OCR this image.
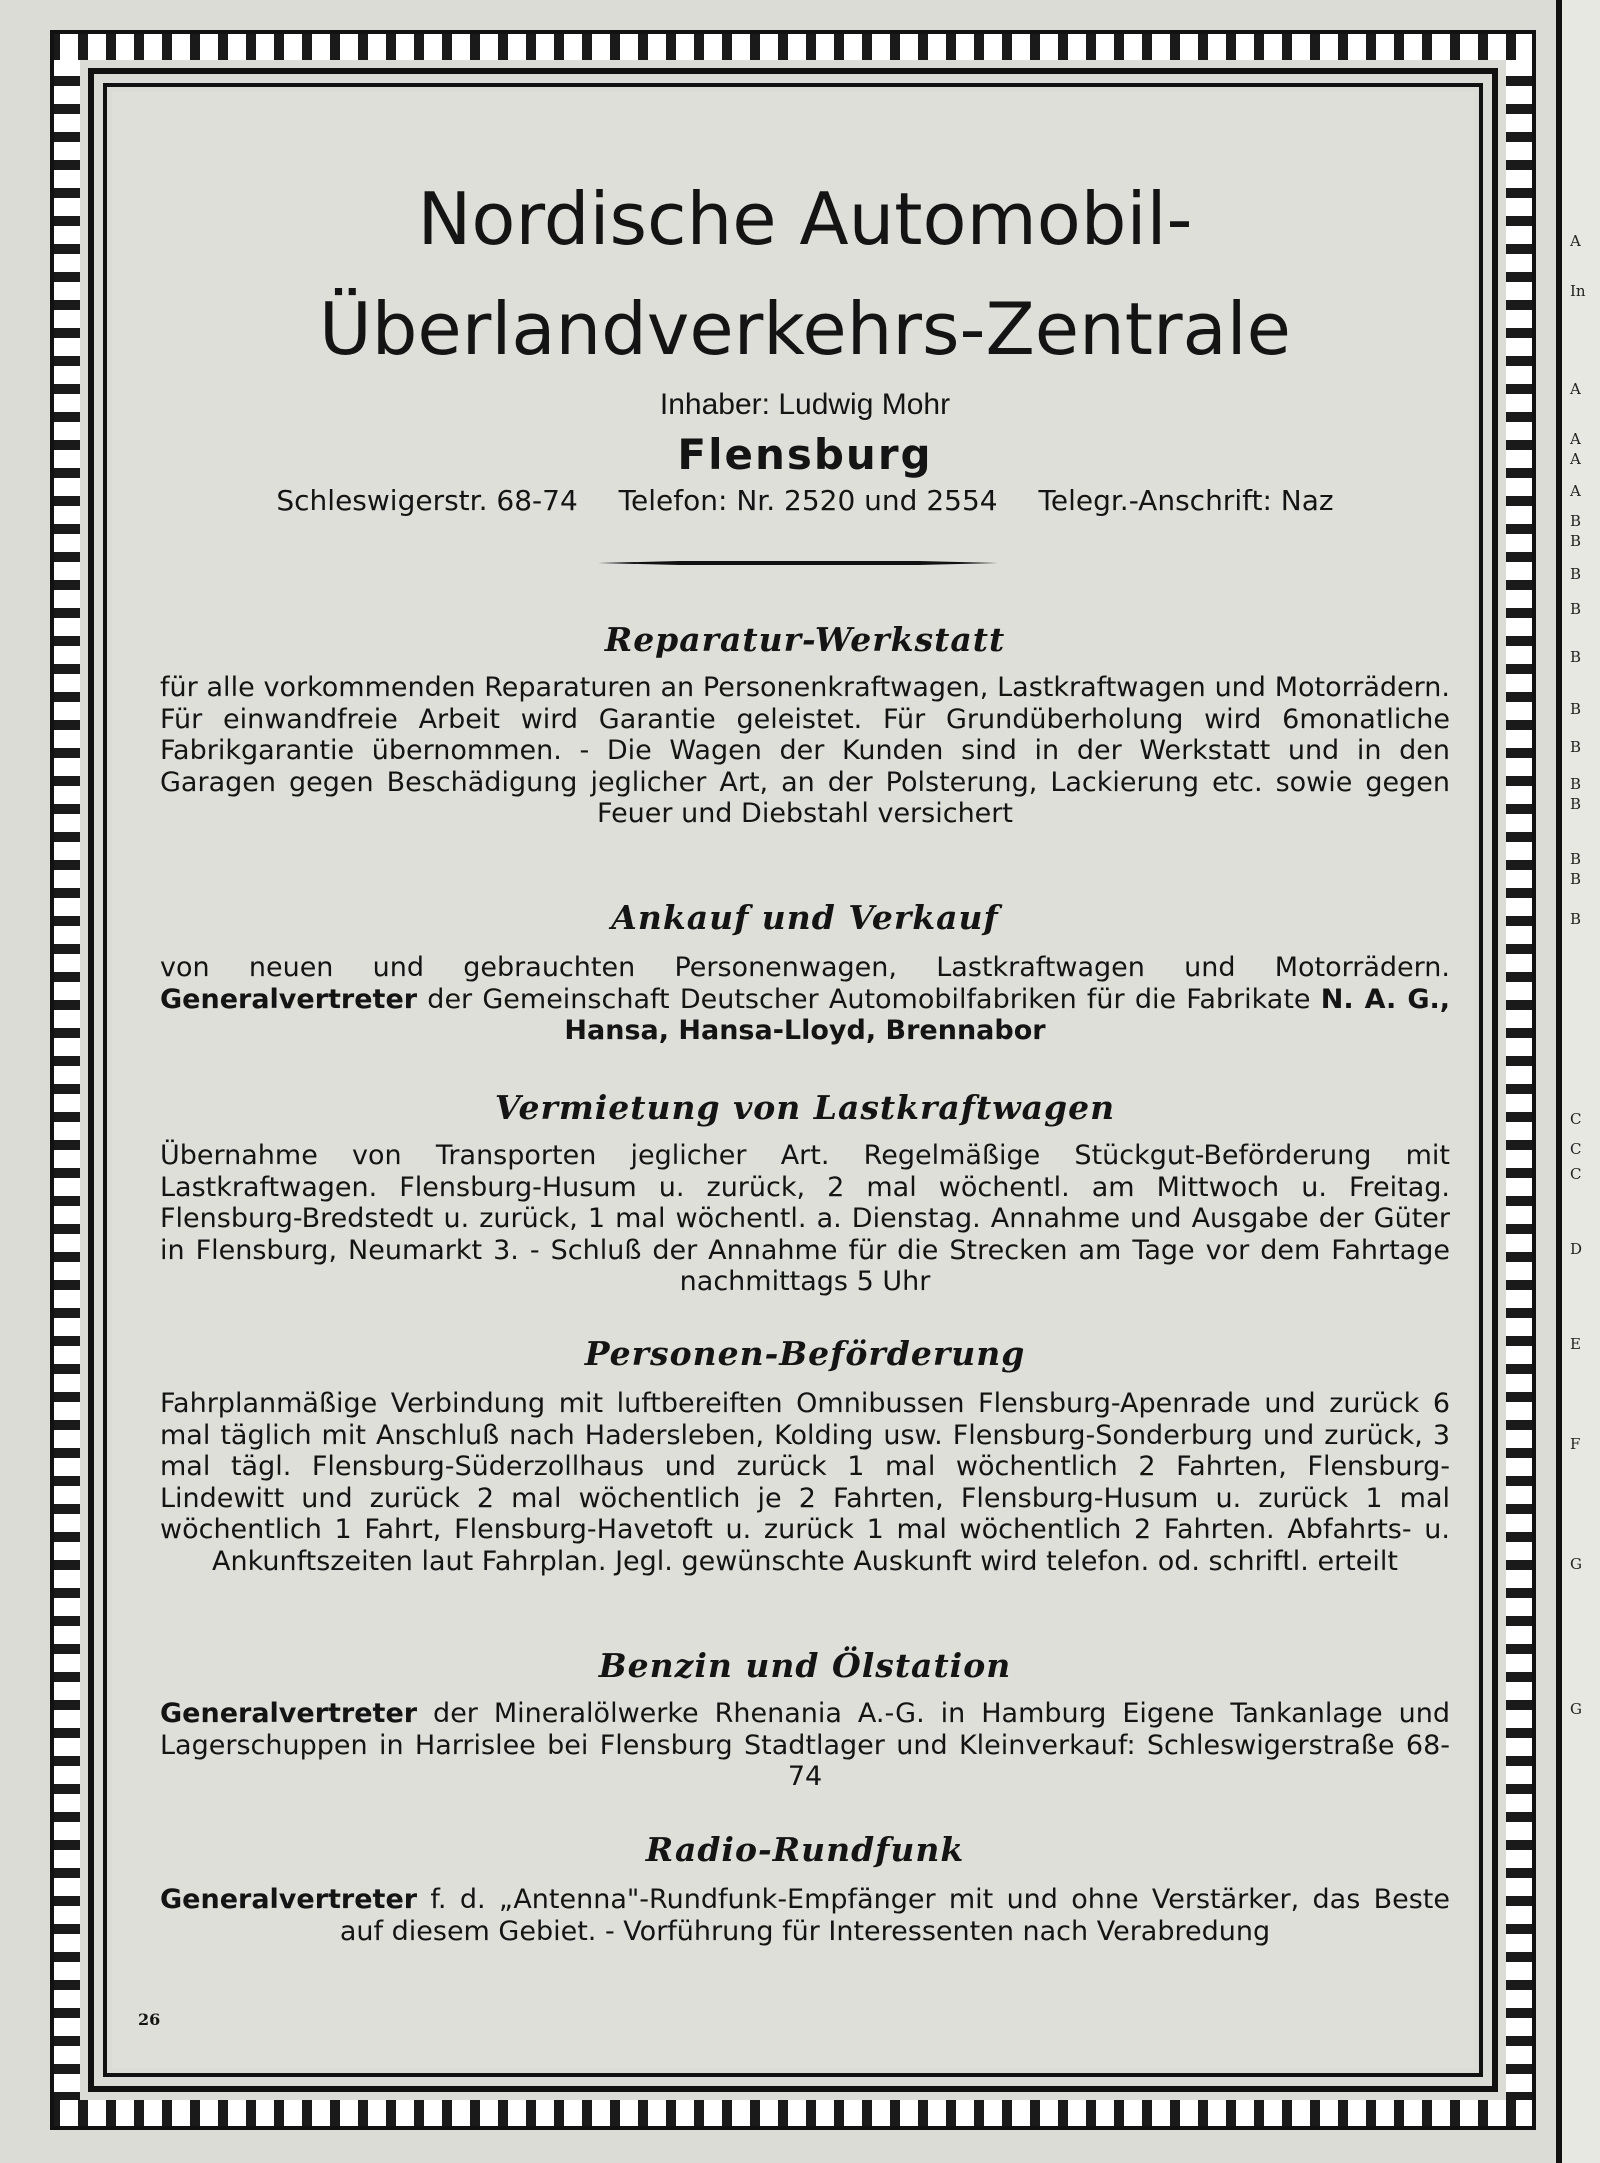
A
In
A
A
A
A
B
B
B
B
B
B
B
B
B
B
B
B
C
C
C
D
E
F
G
G
Nordische Automobil-
Überlandverkehrs-Zentrale
Inhaber: Ludwig Mohr
Flensburg
Schleswigerstr. 68-74 Telefon: Nr. 2520 und 2554 Telegr.-Anschrift: Naz
Reparatur-Werkstatt
für alle vorkommenden Reparaturen an Personenkraftwagen, Lastkraftwagen und Motorrädern. Für einwandfreie Arbeit wird Garantie geleistet. Für Grundüberholung wird 6monatliche Fabrikgarantie übernommen. - Die Wagen der Kunden sind in der Werkstatt und in den Garagen gegen Beschädigung jeglicher Art, an der Polsterung, Lackierung etc. sowie gegen Feuer und Diebstahl versichert
Ankauf und Verkauf
von neuen und gebrauchten Personenwagen, Lastkraftwagen und Motorrädern. Generalvertreter der Gemeinschaft Deutscher Automobilfabriken für die Fabrikate N. A. G., Hansa, Hansa-Lloyd, Brennabor
Vermietung von Lastkraftwagen
Übernahme von Transporten jeglicher Art. Regelmäßige Stückgut-Beförderung mit Lastkraftwagen. Flensburg-Husum u. zurück, 2 mal wöchentl. am Mittwoch u. Freitag. Flensburg-Bredstedt u. zurück, 1 mal wöchentl. a. Dienstag. Annahme und Ausgabe der Güter in Flensburg, Neumarkt 3. - Schluß der Annahme für die Strecken am Tage vor dem Fahrtage nachmittags 5 Uhr
Personen-Beförderung
Fahrplanmäßige Verbindung mit luftbereiften Omnibussen Flensburg-Apenrade und zurück 6 mal täglich mit Anschluß nach Hadersleben, Kolding usw. Flensburg-Sonderburg und zurück, 3 mal tägl. Flensburg-Süderzollhaus und zurück 1 mal wöchentlich 2 Fahrten, Flensburg-Lindewitt und zurück 2 mal wöchentlich je 2 Fahrten, Flensburg-Husum u. zurück 1 mal wöchentlich 1 Fahrt, Flensburg-Havetoft u. zurück 1 mal wöchentlich 2 Fahrten. Abfahrts- u. Ankunftszeiten laut Fahrplan. Jegl. gewünschte Auskunft wird telefon. od. schriftl. erteilt
Benzin und Ölstation
Generalvertreter der Mineralölwerke Rhenania A.-G. in Hamburg Eigene Tankanlage und Lagerschuppen in Harrislee bei Flensburg Stadtlager und Kleinverkauf: Schleswigerstraße 68-74
Radio-Rundfunk
Generalvertreter f. d. „Antenna"-Rundfunk-Empfänger mit und ohne Verstärker, das Beste auf diesem Gebiet. - Vorführung für Interessenten nach Verabredung
26
